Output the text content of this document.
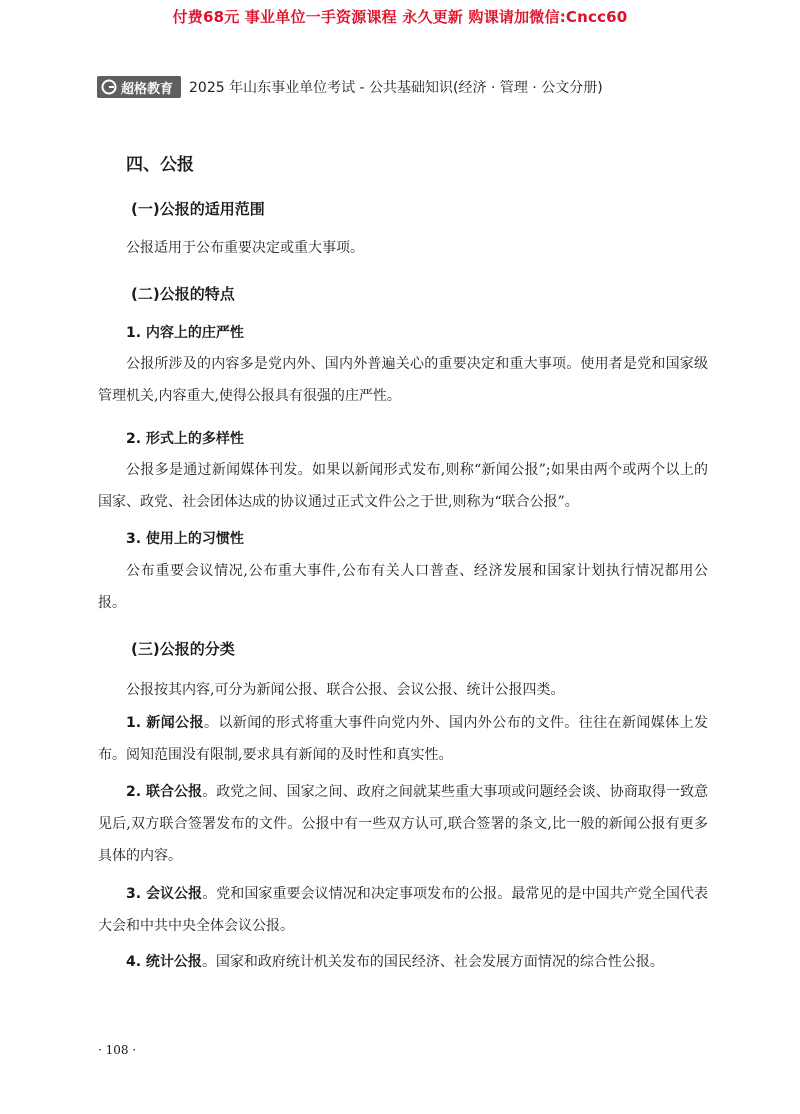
付费68元 事业单位一手资源课程 永久更新 购课请加微信:Cncc60
超格教育 2025 年山东事业单位考试 - 公共基础知识(经济 · 管理 · 公文分册)
四、公报
(一)公报的适用范围
公报适用于公布重要决定或重大事项。
(二)公报的特点
1. 内容上的庄严性
公报所涉及的内容多是党内外、国内外普遍关心的重要决定和重大事项。使用者是党和国家级管理机关,内容重大,使得公报具有很强的庄严性。
2. 形式上的多样性
公报多是通过新闻媒体刊发。如果以新闻形式发布,则称“新闻公报”;如果由两个或两个以上的国家、政党、社会团体达成的协议通过正式文件公之于世,则称为“联合公报”。
3. 使用上的习惯性
公布重要会议情况,公布重大事件,公布有关人口普查、经济发展和国家计划执行情况都用公报。
(三)公报的分类
公报按其内容,可分为新闻公报、联合公报、会议公报、统计公报四类。
1. 新闻公报。以新闻的形式将重大事件向党内外、国内外公布的文件。往往在新闻媒体上发布。阅知范围没有限制,要求具有新闻的及时性和真实性。
2. 联合公报。政党之间、国家之间、政府之间就某些重大事项或问题经会谈、协商取得一致意见后,双方联合签署发布的文件。公报中有一些双方认可,联合签署的条文,比一般的新闻公报有更多具体的内容。
3. 会议公报。党和国家重要会议情况和决定事项发布的公报。最常见的是中国共产党全国代表大会和中共中央全体会议公报。
4. 统计公报。国家和政府统计机关发布的国民经济、社会发展方面情况的综合性公报。
· 108 ·
